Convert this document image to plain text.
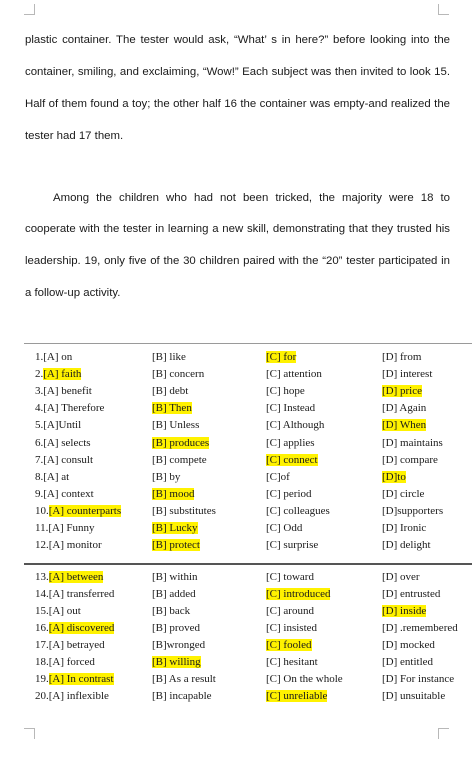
plastic container. The tester would ask, “What’ s in here?” before looking into the
container, smiling, and exclaiming, “Wow!” Each subject was then invited to look 15.
Half of them found a toy; the other half 16 the container was empty-and realized the
tester had 17 them.
Among the children who had not been tricked, the majority were 18 to
cooperate with the tester in learning a new skill, demonstrating that they trusted his
leadership. 19, only five of the 30 children paired with the “20” tester participated in
a follow-up activity.
1.[A] on	[B] like	[C] for	[D] from
2.[A] faith	[B] concern	[C] attention	[D] interest
3.[A] benefit	[B] debt	[C] hope	[D] price
4.[A] Therefore	[B] Then	[C] Instead	[D] Again
5.[A]Until	[B] Unless	[C] Although	[D] When
6.[A] selects	[B] produces	[C] applies	[D] maintains
7.[A] consult	[B] compete	[C] connect	[D] compare
8.[A] at	[B] by	[C]of	[D]to
9.[A] context	[B] mood	[C] period	[D] circle
10.[A] counterparts	[B] substitutes	[C] colleagues	[D]supporters
11.[A] Funny	[B] Lucky	[C] Odd	[D] Ironic
12.[A] monitor	[B] protect	[C] surprise	[D] delight
13.[A] between	[B] within	[C] toward	[D] over
14.[A] transferred	[B] added	[C] introduced	[D] entrusted
15.[A] out	[B] back	[C] around	[D] inside
16.[A] discovered	[B] proved	[C] insisted	[D] .remembered
17.[A] betrayed	[B]wronged	[C] fooled	[D] mocked
18.[A] forced	[B] willing	[C] hesitant	[D] entitled
19.[A] In contrast	[B] As a result	[C] On the whole	[D] For instance
20.[A] inflexible	[B] incapable	[C] unreliable	[D] unsuitable
